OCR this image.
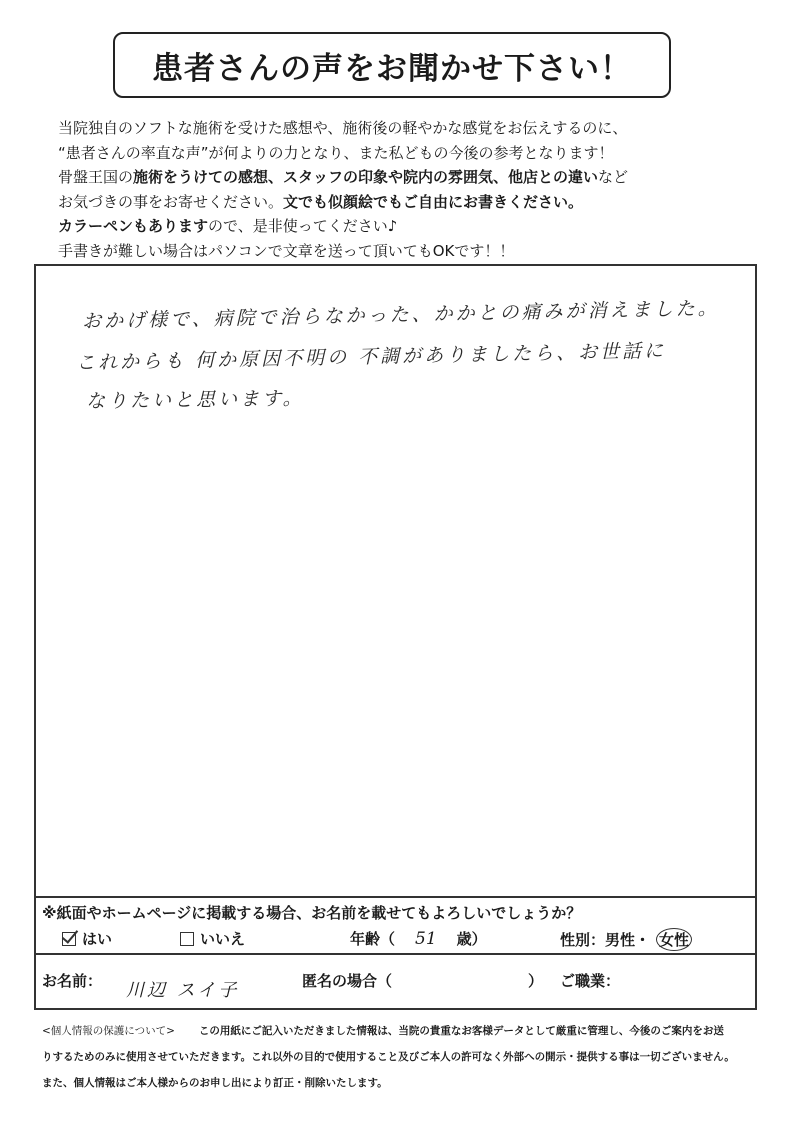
患者さんの声をお聞かせ下さい！
当院独自のソフトな施術を受けた感想や、施術後の軽やかな感覚をお伝えするのに、
“患者さんの率直な声”が何よりの力となり、また私どもの今後の参考となります！
骨盤王国の施術をうけての感想、スタッフの印象や院内の雰囲気、他店との違いなど
お気づきの事をお寄せください。文でも似顔絵でもご自由にお書きください。
カラーペンもありますので、是非使ってください♪
手書きが難しい場合はパソコンで文章を送って頂いてもOKです！！
おかげ様で、病院で治らなかった、かかとの痛みが消えました。
これからも 何か原因不明の 不調がありましたら、お世話に
なりたいと思います。
※紙面やホームページに掲載する場合、お名前を載せてもよろしいでしょうか？
はい	いいえ	年齢（ 51 歳）	性別：男性・ 女性
お名前： 川辺 スイ子	匿名の場合（	） ご職業：
<個人情報の保護について> この用紙にご記入いただきました情報は、当院の貴重なお客様データとして厳重に管理し、今後のご案内をお送
りするためのみに使用させていただきます。これ以外の目的で使用すること及びご本人の許可なく外部への開示・提供する事は一切ございません。
また、個人情報はご本人様からのお申し出により訂正・削除いたします。
